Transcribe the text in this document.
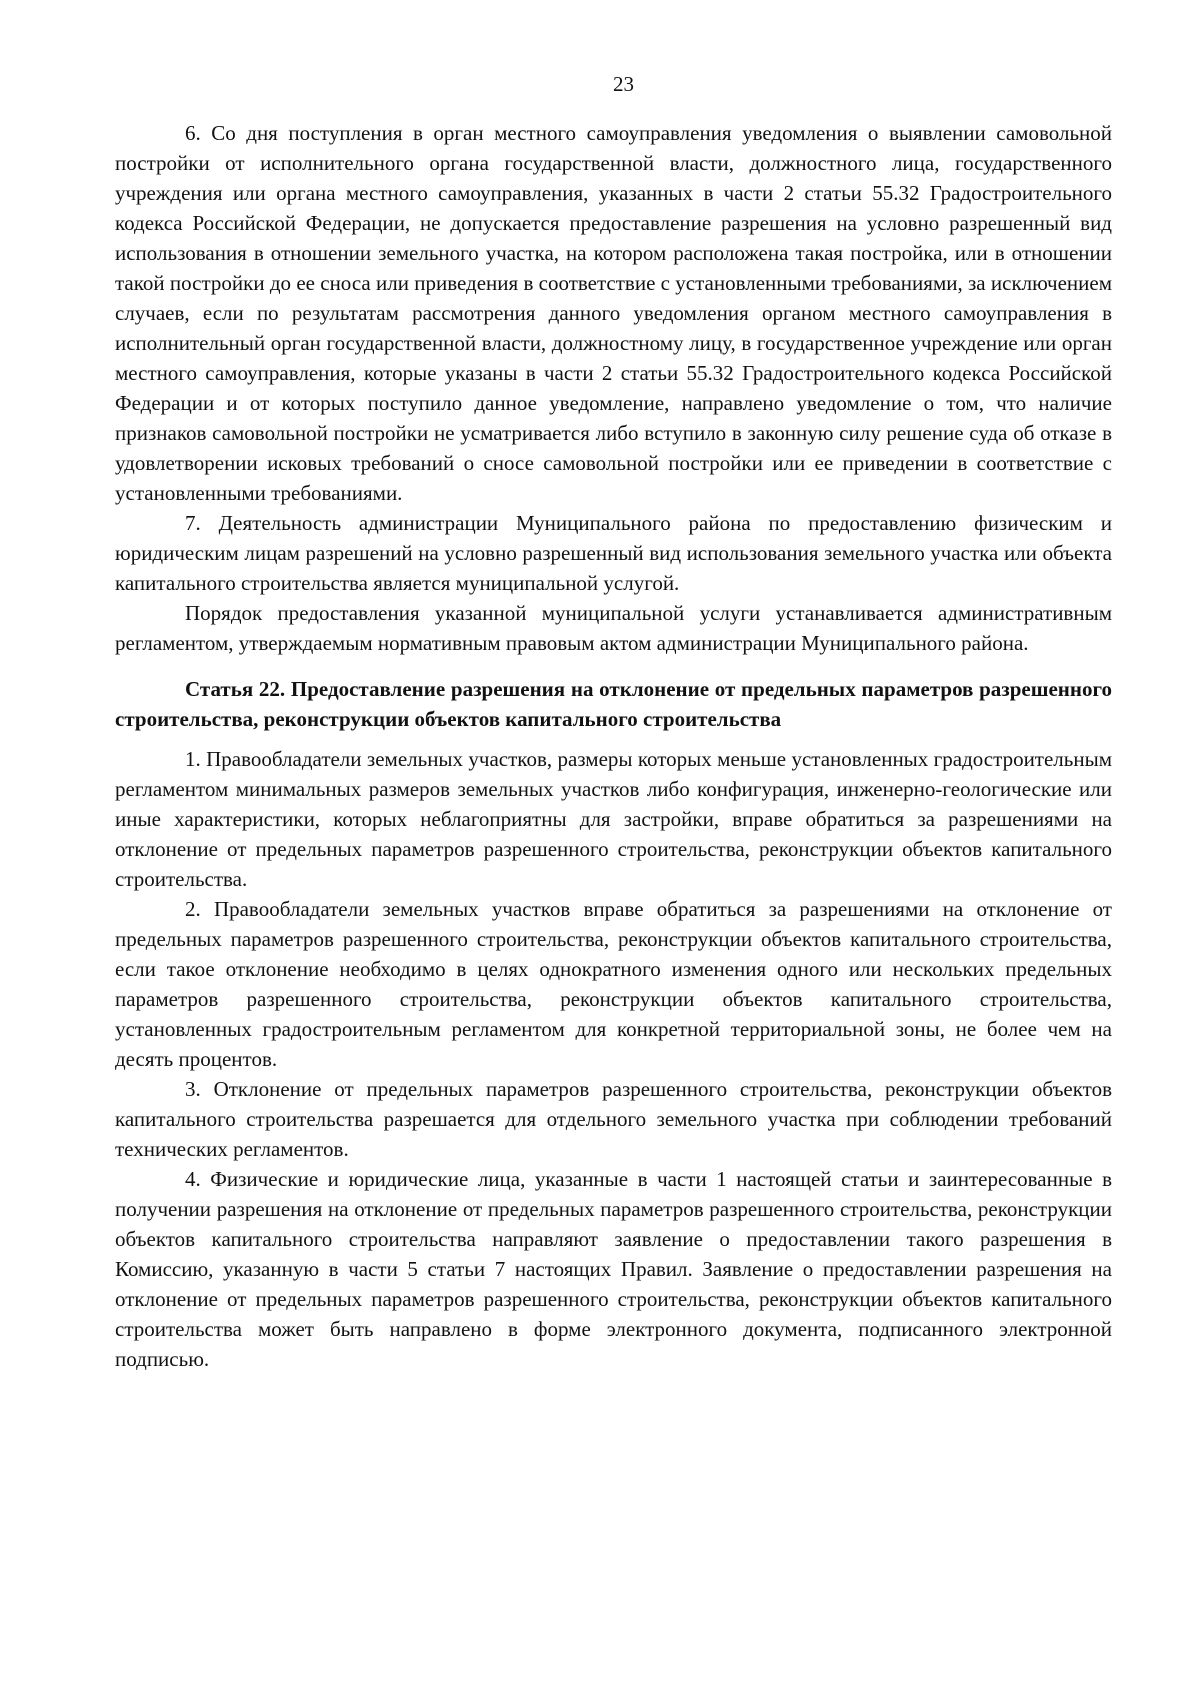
23

6. Со дня поступления в орган местного самоуправления уведомления о выявлении самовольной постройки от исполнительного органа государственной власти, должностного лица, государственного учреждения или органа местного самоуправления, указанных в части 2 статьи 55.32 Градостроительного кодекса Российской Федерации, не допускается предоставление разрешения на условно разрешенный вид использования в отношении земельного участка, на котором расположена такая постройка, или в отношении такой постройки до ее сноса или приведения в соответствие с установленными требованиями, за исключением случаев, если по результатам рассмотрения данного уведомления органом местного самоуправления в исполнительный орган государственной власти, должностному лицу, в государственное учреждение или орган местного самоуправления, которые указаны в части 2 статьи 55.32 Градостроительного кодекса Российской Федерации и от которых поступило данное уведомление, направлено уведомление о том, что наличие признаков самовольной постройки не усматривается либо вступило в законную силу решение суда об отказе в удовлетворении исковых требований о сносе самовольной постройки или ее приведении в соответствие с установленными требованиями.

7. Деятельность администрации Муниципального района по предоставлению физическим и юридическим лицам разрешений на условно разрешенный вид использования земельного участка или объекта капитального строительства является муниципальной услугой.

Порядок предоставления указанной муниципальной услуги устанавливается административным регламентом, утверждаемым нормативным правовым актом администрации Муниципального района.

Статья 22. Предоставление разрешения на отклонение от предельных параметров разрешенного строительства, реконструкции объектов капитального строительства

1. Правообладатели земельных участков, размеры которых меньше установленных градостроительным регламентом минимальных размеров земельных участков либо конфигурация, инженерно-геологические или иные характеристики, которых неблагоприятны для застройки, вправе обратиться за разрешениями на отклонение от предельных параметров разрешенного строительства, реконструкции объектов капитального строительства.

2. Правообладатели земельных участков вправе обратиться за разрешениями на отклонение от предельных параметров разрешенного строительства, реконструкции объектов капитального строительства, если такое отклонение необходимо в целях однократного изменения одного или нескольких предельных параметров разрешенного строительства, реконструкции объектов капитального строительства, установленных градостроительным регламентом для конкретной территориальной зоны, не более чем на десять процентов.

3. Отклонение от предельных параметров разрешенного строительства, реконструкции объектов капитального строительства разрешается для отдельного земельного участка при соблюдении требований технических регламентов.

4. Физические и юридические лица, указанные в части 1 настоящей статьи и заинтересованные в получении разрешения на отклонение от предельных параметров разрешенного строительства, реконструкции объектов капитального строительства направляют заявление о предоставлении такого разрешения в Комиссию, указанную в части 5 статьи 7 настоящих Правил. Заявление о предоставлении разрешения на отклонение от предельных параметров разрешенного строительства, реконструкции объектов капитального строительства может быть направлено в форме электронного документа, подписанного электронной подписью.
